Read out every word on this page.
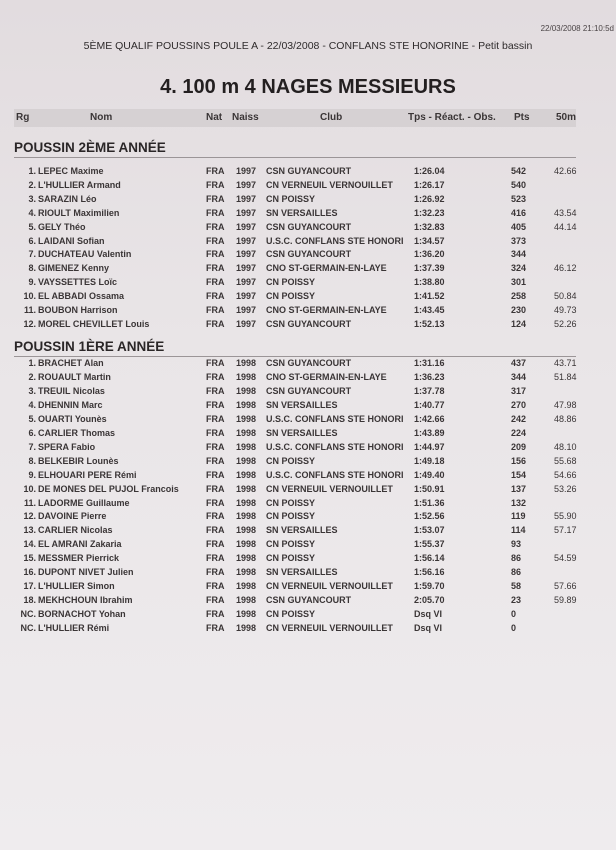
22/03/2008 21:10:5d
5ÈME QUALIF POUSSINS POULE A - 22/03/2008 - CONFLANS STE HONORINE - Petit bassin
4. 100 m 4 NAGES MESSIEURS
Rg	Nom	Nat Naiss	Club	Tps - Réact. - Obs. Pts	50m
POUSSIN 2ÈME ANNÉE
1. LEPEC Maxime	FRA 1997 CSN GUYANCOURT	1:26.04	542	42.66
2. L'HULLIER Armand	FRA 1997 CN VERNEUIL VERNOUILLET	1:26.17	540
3. SARAZIN Léo	FRA 1997 CN POISSY	1:26.92	523
4. RIOULT Maximilien	FRA 1997 SN VERSAILLES	1:32.23	416	43.54
5. GELY Théo	FRA 1997 CSN GUYANCOURT	1:32.83	405	44.14
6. LAIDANI Sofian	FRA 1997 U.S.C. CONFLANS STE HONORI 1:34.57	373
7. DUCHATEAU Valentin	FRA 1997 CSN GUYANCOURT	1:36.20	344
8. GIMENEZ Kenny	FRA 1997 CNO ST-GERMAIN-EN-LAYE	1:37.39	324	46.12
9. VAYSSETTES Loïc	FRA 1997 CN POISSY	1:38.80	301
10. EL ABBADI Ossama	FRA 1997 CN POISSY	1:41.52	258	50.84
11. BOUBON Harrison	FRA 1997 CNO ST-GERMAIN-EN-LAYE	1:43.45	230	49.73
12. MOREL CHEVILLET Louis	FRA 1997 CSN GUYANCOURT	1:52.13	124	52.26
POUSSIN 1ÈRE ANNÉE
1. BRACHET Alan	FRA 1998 CSN GUYANCOURT	1:31.16	437	43.71
2. ROUAULT Martin	FRA 1998 CNO ST-GERMAIN-EN-LAYE	1:36.23	344	51.84
3. TREUIL Nicolas	FRA 1998 CSN GUYANCOURT	1:37.78	317
4. DHENNIN Marc	FRA 1998 SN VERSAILLES	1:40.77	270	47.98
5. OUARTI Younès	FRA 1998 U.S.C. CONFLANS STE HONORI 1:42.66	242	48.86
6. CARLIER Thomas	FRA 1998 SN VERSAILLES	1:43.89	224
7. SPERA Fabio	FRA 1998 U.S.C. CONFLANS STE HONORI 1:44.97	209	48.10
8. BELKEBIR Lounès	FRA 1998 CN POISSY	1:49.18	156	55.68
9. ELHOUARI PERE Rémi	FRA 1998 U.S.C. CONFLANS STE HONORI 1:49.40	154	54.66
10. DE MONES DEL PUJOL Francois	FRA 1998 CN VERNEUIL VERNOUILLET	1:50.91	137	53.26
11. LADORME Guillaume	FRA 1998 CN POISSY	1:51.36	132
12. DAVOINE Pierre	FRA 1998 CN POISSY	1:52.56	119	55.90
13. CARLIER Nicolas	FRA 1998 SN VERSAILLES	1:53.07	114	57.17
14. EL AMRANI Zakaria	FRA 1998 CN POISSY	1:55.37	93
15. MESSMER Pierrick	FRA 1998 CN POISSY	1:56.14	86	54.59
16. DUPONT NIVET Julien	FRA 1998 SN VERSAILLES	1:56.16	86
17. L'HULLIER Simon	FRA 1998 CN VERNEUIL VERNOUILLET	1:59.70	58	57.66
18. MEKHCHOUN Ibrahim	FRA 1998 CSN GUYANCOURT	2:05.70	23	59.89
NC. BORNACHOT Yohan	FRA 1998 CN POISSY	Dsq VI	0
NC. L'HULLIER Rémi	FRA 1998 CN VERNEUIL VERNOUILLET	Dsq VI	0
